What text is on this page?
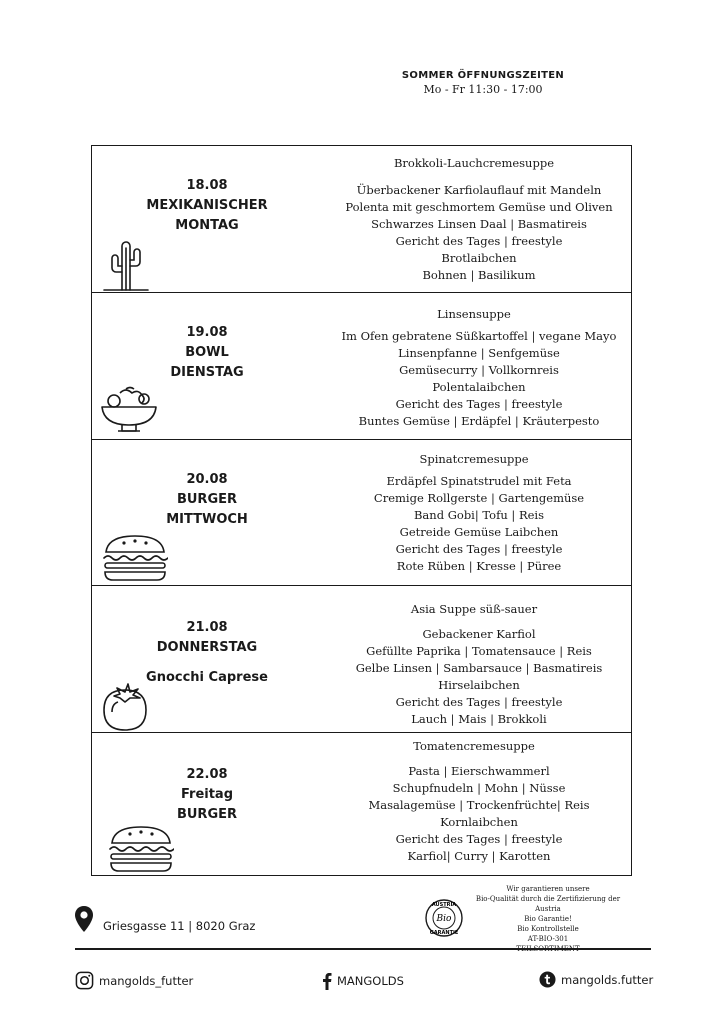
SOMMER ÖFFNUNGSZEITEN
Mo - Fr 11:30 - 17:00
18.08
MEXIKANISCHER
MONTAG
Brokkoli-Lauchcremesuppe
Überbackener Karfiolauflauf mit Mandeln
Polenta mit geschmortem Gemüse und Oliven
Schwarzes Linsen Daal | Basmatireis
Gericht des Tages | freestyle
Brotlaibchen
Bohnen | Basilikum
19.08
BOWL
DIENSTAG
Linsensuppe
Im Ofen gebratene Süßkartoffel | vegane Mayo
Linsenpfanne | Senfgemüse
Gemüsecurry | Vollkornreis
Polentalaibchen
Gericht des Tages | freestyle
Buntes Gemüse | Erdäpfel | Kräuterpesto
20.08
BURGER
MITTWOCH
Spinatcremesuppe
Erdäpfel Spinatstrudel mit Feta
Cremige Rollgerste | Gartengemüse
Band Gobi| Tofu | Reis
Getreide Gemüse Laibchen
Gericht des Tages | freestyle
Rote Rüben | Kresse | Püree
21.08
DONNERSTAG
Gnocchi Caprese
Asia Suppe süß-sauer
Gebackener Karfiol
Gefüllte Paprika | Tomatensauce | Reis
Gelbe Linsen | Sambarsauce | Basmatireis
Hirselaibchen
Gericht des Tages | freestyle
Lauch | Mais | Brokkoli
22.08
Freitag
BURGER
Tomatencremesuppe
Pasta | Eierschwammerl
Schupfnudeln | Mohn | Nüsse
Masalagemüse | Trockenfrüchte| Reis
Kornlaibchen
Gericht des Tages | freestyle
Karfiol| Curry | Karotten
Griesgasse 11 | 8020 Graz
AUSTRIA
Bio
GARANTIE
Wir garantieren unsere
Bio-Qualität durch die Zertifizierung der Austria
Bio Garantie!
Bio Kontrollstelle
AT-BIO-301
mangolds_futter	MANGOLDS	mangolds.futter
